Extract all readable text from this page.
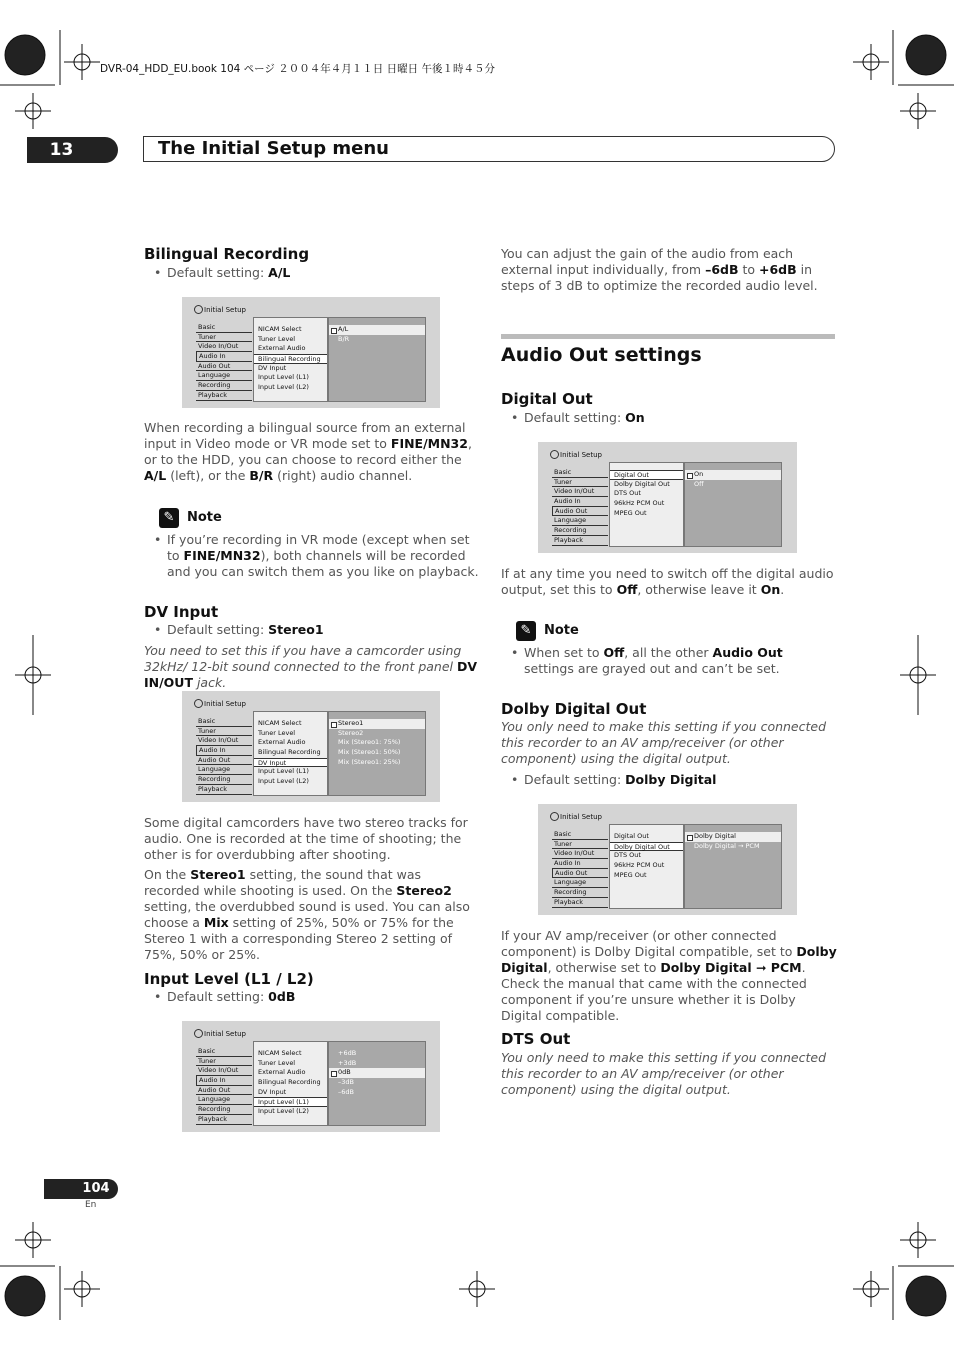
DVR-04_HDD_EU.book 104 ページ ２００４年４月１１日 日曜日 午後１時４５分
13	The Initial Setup menu
Bilingual Recording
• Default setting: A/L
Initial Setup
Basic
Tuner
Video In/Out
Audio In
Audio Out
Language
Recording
Playback
NICAM Select
Tuner Level
External Audio
Bilingual Recording
DV Input
Input Level (L1)
Input Level (L2)
A/L
B/R
When recording a bilingual source from an external input in Video mode or VR mode set to FINE/MN32, or to the HDD, you can choose to record either the A/L (left), or the B/R (right) audio channel.
✎ Note
• If you’re recording in VR mode (except when set to FINE/MN32), both channels will be recorded and you can switch them as you like on playback.
DV Input
• Default setting: Stereo1
You need to set this if you have a camcorder using 32kHz/ 12-bit sound connected to the front panel DV IN/OUT jack.
Initial Setup
Basic
Tuner
Video In/Out
Audio In
Audio Out
Language
Recording
Playback
NICAM Select
Tuner Level
External Audio
Bilingual Recording
DV Input
Input Level (L1)
Input Level (L2)
Stereo1
Stereo2
Mix (Stereo1: 75%)
Mix (Stereo1: 50%)
Mix (Stereo1: 25%)
Some digital camcorders have two stereo tracks for audio. One is recorded at the time of shooting; the other is for overdubbing after shooting.
On the Stereo1 setting, the sound that was recorded while shooting is used. On the Stereo2 setting, the overdubbed sound is used. You can also choose a Mix setting of 25%, 50% or 75% for the Stereo 1 with a corresponding Stereo 2 setting of 75%, 50% or 25%.
Input Level (L1 / L2)
• Default setting: 0dB
Initial Setup
Basic
Tuner
Video In/Out
Audio In
Audio Out
Language
Recording
Playback
NICAM Select
Tuner Level
External Audio
Bilingual Recording
DV Input
Input Level (L1)
Input Level (L2)
+6dB
+3dB
0dB
–3dB
–6dB
You can adjust the gain of the audio from each external input individually, from –6dB to +6dB in steps of 3 dB to optimize the recorded audio level.
Audio Out settings
Digital Out
• Default setting: On
Initial Setup
Basic
Tuner
Video In/Out
Audio In
Audio Out
Language
Recording
Playback
Digital Out
Dolby Digital Out
DTS Out
96kHz PCM Out
MPEG Out
On
Off
If at any time you need to switch off the digital audio output, set this to Off, otherwise leave it On.
✎ Note
• When set to Off, all the other Audio Out settings are grayed out and can’t be set.
Dolby Digital Out
You only need to make this setting if you connected this recorder to an AV amp/receiver (or other component) using the digital output.
• Default setting: Dolby Digital
Initial Setup
Basic
Tuner
Video In/Out
Audio In
Audio Out
Language
Recording
Playback
Digital Out
Dolby Digital Out
DTS Out
96kHz PCM Out
MPEG Out
Dolby Digital
Dolby Digital → PCM
If your AV amp/receiver (or other connected component) is Dolby Digital compatible, set to Dolby Digital, otherwise set to Dolby Digital ➞ PCM. Check the manual that came with the connected component if you’re unsure whether it is Dolby Digital compatible.
DTS Out
You only need to make this setting if you connected this recorder to an AV amp/receiver (or other component) using the digital output.
104
En
